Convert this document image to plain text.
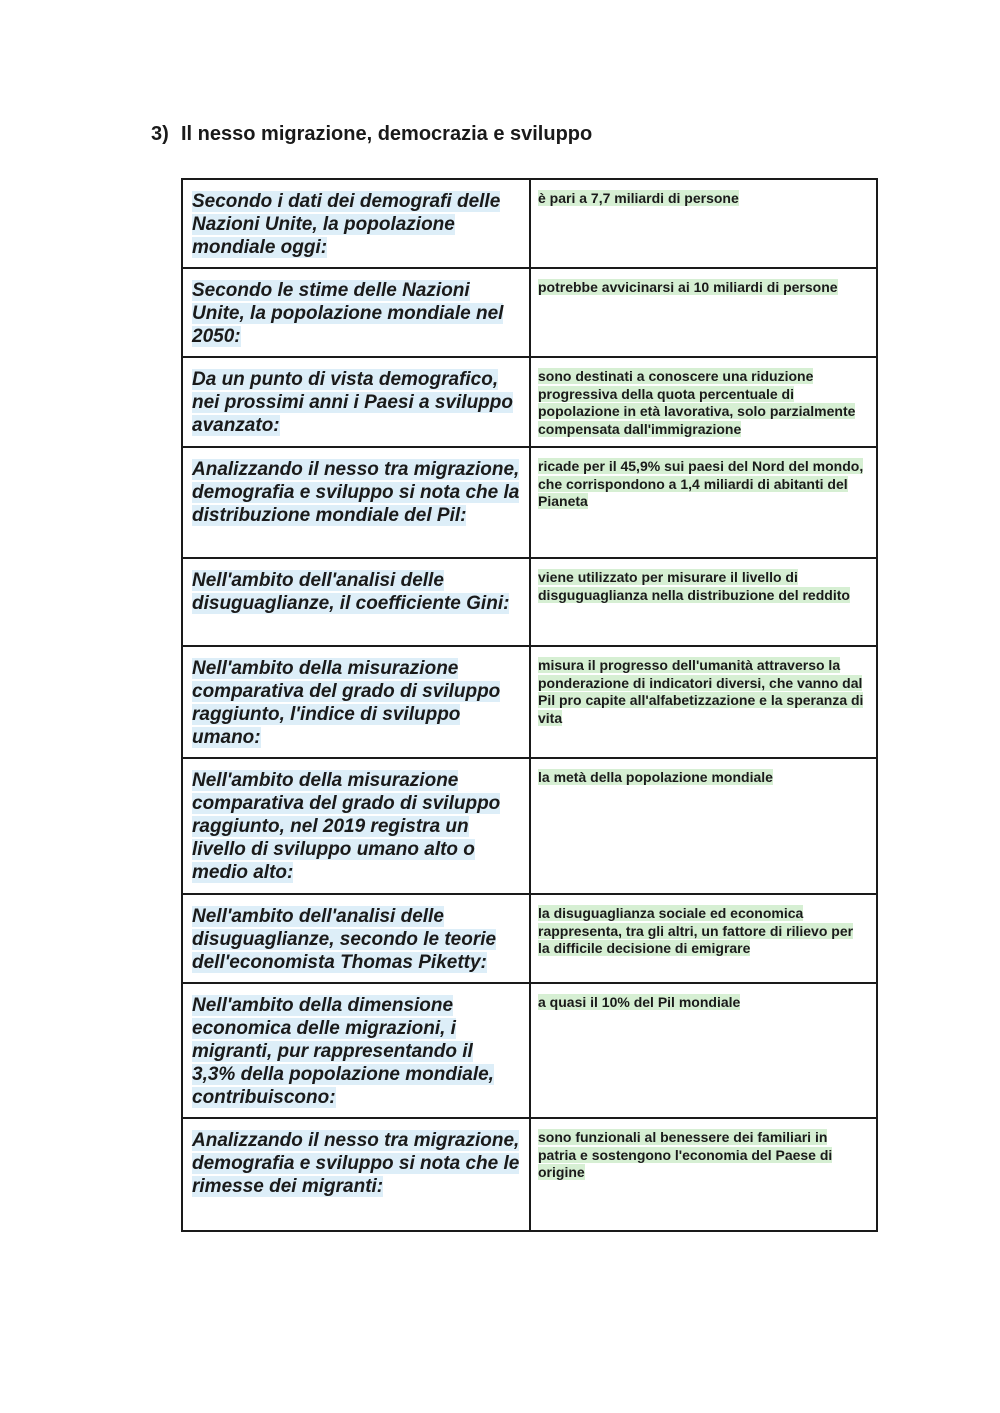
3) Il nesso migrazione, democrazia e sviluppo
Secondo i dati dei demografi delle Nazioni Unite, la popolazione mondiale oggi:	è pari a 7,7 miliardi di persone
Secondo le stime delle Nazioni Unite, la popolazione mondiale nel 2050:	potrebbe avvicinarsi ai 10 miliardi di persone
Da un punto di vista demografico, nei prossimi anni i Paesi a sviluppo avanzato:	sono destinati a conoscere una riduzione progressiva della quota percentuale di popolazione in età lavorativa, solo parzialmente compensata dall'immigrazione
Analizzando il nesso tra migrazione, demografia e sviluppo si nota che la distribuzione mondiale del Pil:	ricade per il 45,9% sui paesi del Nord del mondo, che corrispondono a 1,4 miliardi di abitanti del Pianeta
Nell'ambito dell'analisi delle disuguaglianze, il coefficiente Gini:	viene utilizzato per misurare il livello di disguguaglianza nella distribuzione del reddito
Nell'ambito della misurazione comparativa del grado di sviluppo raggiunto, l'indice di sviluppo umano:	misura il progresso dell'umanità attraverso la ponderazione di indicatori diversi, che vanno dal Pil pro capite all'alfabetizzazione e la speranza di vita
Nell'ambito della misurazione comparativa del grado di sviluppo raggiunto, nel 2019 registra un livello di sviluppo umano alto o medio alto:	la metà della popolazione mondiale
Nell'ambito dell'analisi delle disuguaglianze, secondo le teorie dell'economista Thomas Piketty:	la disuguaglianza sociale ed economica rappresenta, tra gli altri, un fattore di rilievo per la difficile decisione di emigrare
Nell'ambito della dimensione economica delle migrazioni, i migranti, pur rappresentando il 3,3% della popolazione mondiale, contribuiscono:	a quasi il 10% del Pil mondiale
Analizzando il nesso tra migrazione, demografia e sviluppo si nota che le rimesse dei migranti:	sono funzionali al benessere dei familiari in patria e sostengono l'economia del Paese di origine
